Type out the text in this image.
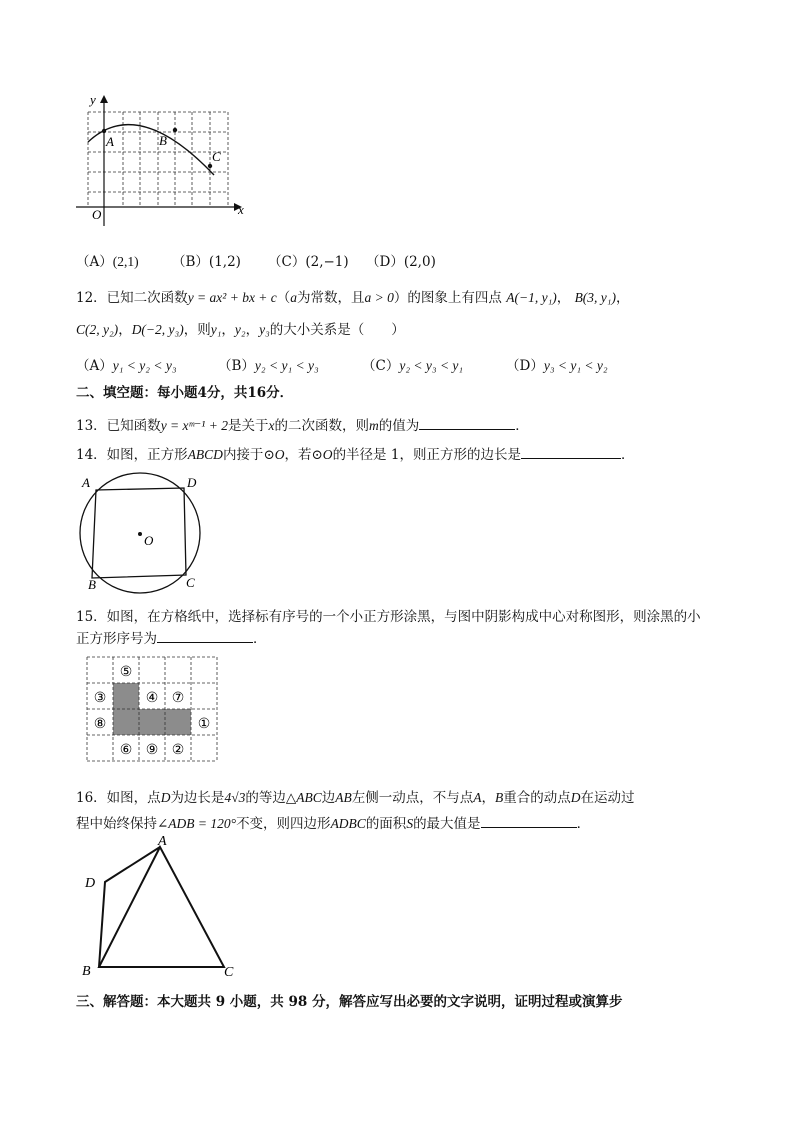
y
x
O
A	B
C
（A）(2,1) （B）(1,2) （C）(2,−1) （D）(2,0)
12．已知二次函数y = ax² + bx + c（a为常数，且a > 0）的图象上有四点 A(−1, y₁)， B(3, y₁)，
C(2, y₂)，D(−2, y₃)，则y₁，y₂，y₃的大小关系是（　　）
（A）y₁ < y₂ < y₃	（B）y₂ < y₁ < y₃	（C）y₂ < y₃ < y₁	（D）y₃ < y₁ < y₂
二、填空题：每小题4分，共16分．
13．已知函数y = xᵐ⁻¹ + 2是关于x的二次函数，则m的值为	．
14．如图，正方形ABCD内接于⊙O，若⊙O的半径是 1，则正方形的边长是	．
A	D
B	C
O
15．如图，在方格纸中，选择标有序号的一个小正方形涂黑，与图中阴影构成中心对称图形，则涂黑的小
正方形序号为	．
⑤
③	④ ⑦
⑧	①
⑥ ⑨ ②
16．如图，点D为边长是4√3的等边△ABC边AB左侧一动点，不与点A，B重合的动点D在运动过
程中始终保持∠ADB = 120°不变，则四边形ADBC的面积S的最大值是	．
A
D
B	C
三、解答题：本大题共 9 小题，共 98 分，解答应写出必要的文字说明，证明过程或演算步
